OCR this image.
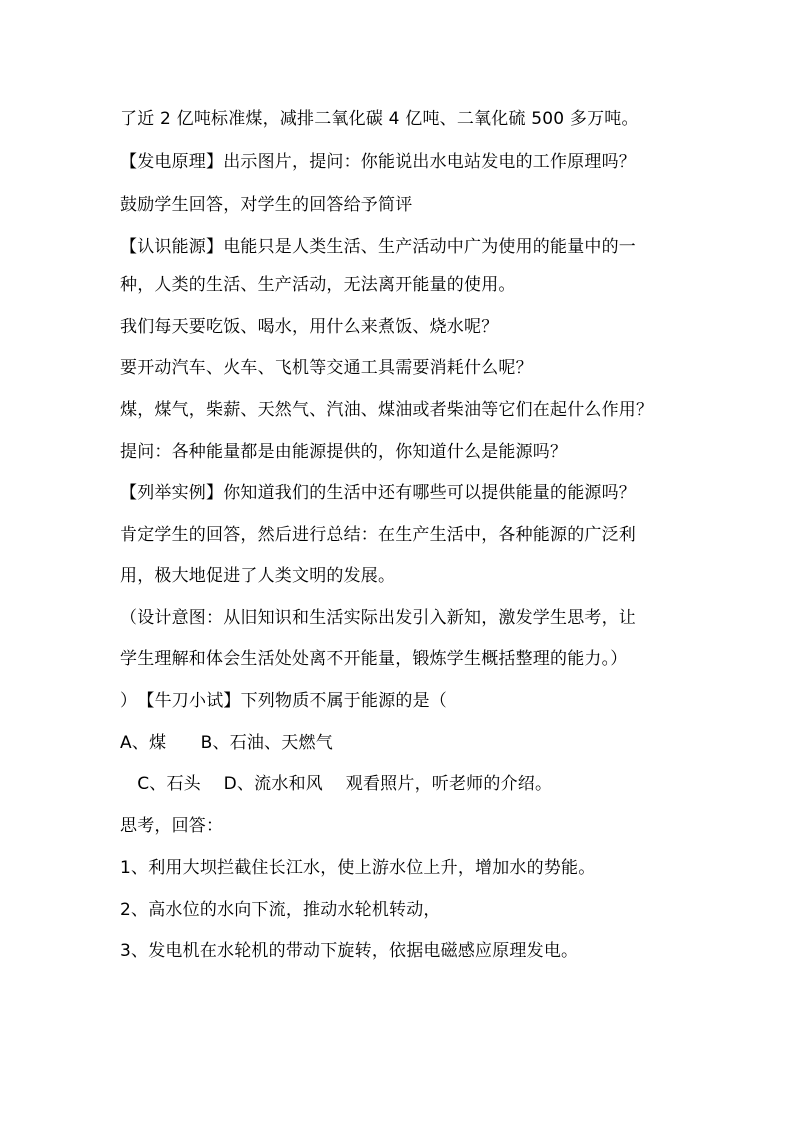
了近 2 亿吨标准煤，减排二氧化碳 4 亿吨、二氧化硫 500 多万吨。
【发电原理】出示图片，提问：你能说出水电站发电的工作原理吗？
鼓励学生回答，对学生的回答给予简评
【认识能源】电能只是人类生活、生产活动中广为使用的能量中的一
种，人类的生活、生产活动，无法离开能量的使用。
我们每天要吃饭、喝水，用什么来煮饭、烧水呢？
要开动汽车、火车、飞机等交通工具需要消耗什么呢？
煤，煤气，柴薪、天然气、汽油、煤油或者柴油等它们在起什么作用？
提问：各种能量都是由能源提供的，你知道什么是能源吗？
【列举实例】你知道我们的生活中还有哪些可以提供能量的能源吗？
肯定学生的回答，然后进行总结：在生产生活中，各种能源的广泛利
用，极大地促进了人类文明的发展。
（设计意图：从旧知识和生活实际出发引入新知，激发学生思考，让
学生理解和体会生活处处离不开能量，锻炼学生概括整理的能力。）
）　【牛刀小试】下列物质不属于能源的是（
A、煤　　B、石油、天燃气
　C、石头　 D、流水和风　 观看照片，听老师的介绍。
思考，回答：
1、利用大坝拦截住长江水，使上游水位上升，增加水的势能。
2、高水位的水向下流，推动水轮机转动，
3、发电机在水轮机的带动下旋转，依据电磁感应原理发电。
